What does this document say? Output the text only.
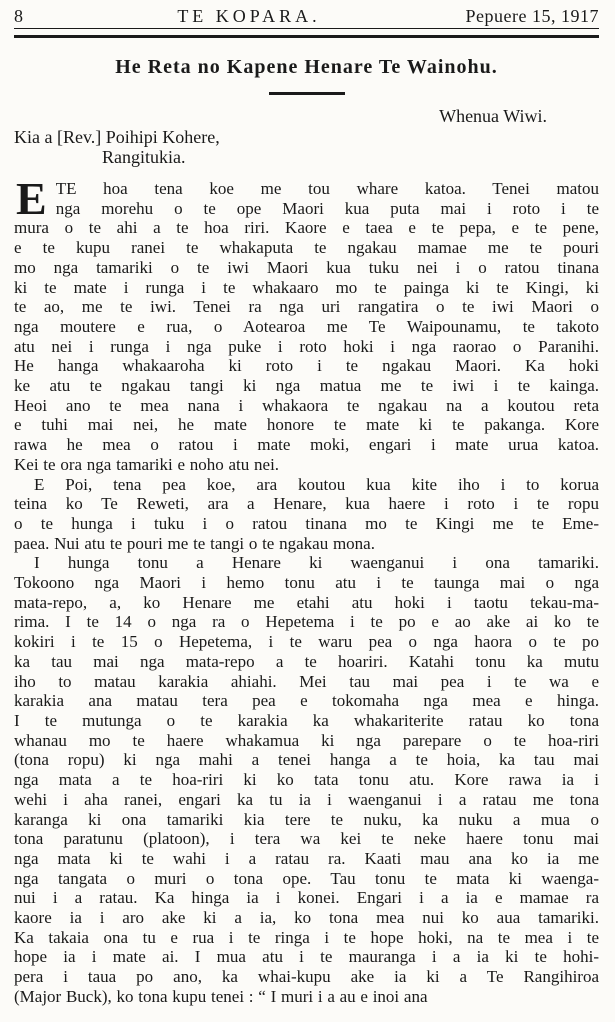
8	TE KOPARA.	Pepuere 15, 1917
He Reta no Kapene Henare Te Wainohu.
Whenua Wiwi.
Kia a [Rev.] Poihipi Kohere,
Rangitukia.
E TE hoa tena koe me tou whare katoa. Tenei matou
nga morehu o te ope Maori kua puta mai i roto i te
mura o te ahi a te hoa riri. Kaore e taea e te pepa, e te pene,
e te kupu ranei te whakaputa te ngakau mamae me te pouri
mo nga tamariki o te iwi Maori kua tuku nei i o ratou tinana
ki te mate i runga i te whakaaro mo te painga ki te Kingi, ki
te ao, me te iwi. Tenei ra nga uri rangatira o te iwi Maori o
nga moutere e rua, o Aotearoa me Te Waipounamu, te takoto
atu nei i runga i nga puke i roto hoki i nga raorao o Paranihi.
He hanga whakaaroha ki roto i te ngakau Maori. Ka hoki
ke atu te ngakau tangi ki nga matua me te iwi i te kainga.
Heoi ano te mea nana i whakaora te ngakau na a koutou reta
e tuhi mai nei, he mate honore te mate ki te pakanga. Kore
rawa he mea o ratou i mate moki, engari i mate urua katoa.
Kei te ora nga tamariki e noho atu nei.
E Poi, tena pea koe, ara koutou kua kite iho i to korua
teina ko Te Reweti, ara a Henare, kua haere i roto i te ropu
o te hunga i tuku i o ratou tinana mo te Kingi me te Eme-
paea. Nui atu te pouri me te tangi o te ngakau mona.
I hunga tonu a Henare ki waenganui i ona tamariki.
Tokoono nga Maori i hemo tonu atu i te taunga mai o nga
mata-repo, a, ko Henare me etahi atu hoki i taotu tekau-ma-
rima. I te 14 o nga ra o Hepetema i te po e ao ake ai ko te
kokiri i te 15 o Hepetema, i te waru pea o nga haora o te po
ka tau mai nga mata-repo a te hoariri. Katahi tonu ka mutu
iho to matau karakia ahiahi. Mei tau mai pea i te wa e
karakia ana matau tera pea e tokomaha nga mea e hinga.
I te mutunga o te karakia ka whakariterite ratau ko tona
whanau mo te haere whakamua ki nga parepare o te hoa-riri
(tona ropu) ki nga mahi a tenei hanga a te hoia, ka tau mai
nga mata a te hoa-riri ki ko tata tonu atu. Kore rawa ia i
wehi i aha ranei, engari ka tu ia i waenganui i a ratau me tona
karanga ki ona tamariki kia tere te nuku, ka nuku a mua o
tona paratunu (platoon), i tera wa kei te neke haere tonu mai
nga mata ki te wahi i a ratau ra. Kaati mau ana ko ia me
nga tangata o muri o tona ope. Tau tonu te mata ki waenga-
nui i a ratau. Ka hinga ia i konei. Engari i a ia e mamae ra
kaore ia i aro ake ki a ia, ko tona mea nui ko aua tamariki.
Ka takaia ona tu e rua i te ringa i te hope hoki, na te mea i te
hope ia i mate ai. I mua atu i te mauranga i a ia ki te hohi-
pera i taua po ano, ka whai-kupu ake ia ki a Te Rangihiroa
(Major Buck), ko tona kupu tenei : “ I muri i a au e inoi ana
